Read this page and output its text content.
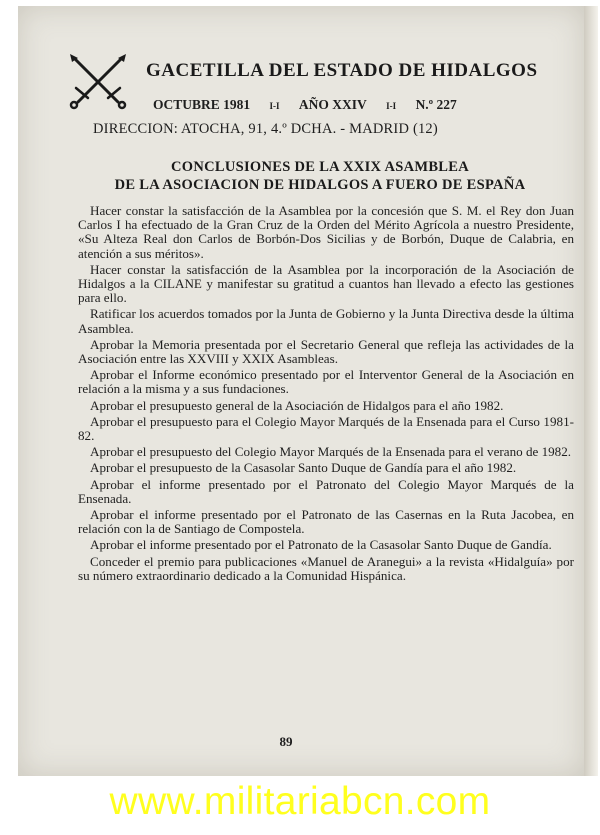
GACETILLA DEL ESTADO DE HIDALGOS
OCTUBRE 1981 I-I AÑO XXIV I-I N.º 227
DIRECCION: ATOCHA, 91, 4.º DCHA. - MADRID (12)
CONCLUSIONES DE LA XXIX ASAMBLEA
DE LA ASOCIACION DE HIDALGOS A FUERO DE ESPAÑA

Hacer constar la satisfacción de la Asamblea por la concesión que S. M. el Rey don Juan Carlos I ha efectuado de la Gran Cruz de la Orden del Mérito Agrícola a nuestro Presidente, «Su Alteza Real don Carlos de Borbón-Dos Sicilias y de Borbón, Duque de Calabria, en atención a sus méritos».

Hacer constar la satisfacción de la Asamblea por la incorporación de la Asociación de Hidalgos a la CILANE y manifestar su gratitud a cuantos han llevado a efecto las gestiones para ello.

Ratificar los acuerdos tomados por la Junta de Gobierno y la Junta Directiva desde la última Asamblea.

Aprobar la Memoria presentada por el Secretario General que refleja las actividades de la Asociación entre las XXVIII y XXIX Asambleas.

Aprobar el Informe económico presentado por el Interventor General de la Asociación en relación a la misma y a sus fundaciones.

Aprobar el presupuesto general de la Asociación de Hidalgos para el año 1982.

Aprobar el presupuesto para el Colegio Mayor Marqués de la Ensenada para el Curso 1981-82.

Aprobar el presupuesto del Colegio Mayor Marqués de la Ensenada para el verano de 1982.

Aprobar el presupuesto de la Casasolar Santo Duque de Gandía para el año 1982.

Aprobar el informe presentado por el Patronato del Colegio Mayor Marqués de la Ensenada.

Aprobar el informe presentado por el Patronato de las Casernas en la Ruta Jacobea, en relación con la de Santiago de Compostela.

Aprobar el informe presentado por el Patronato de la Casasolar Santo Duque de Gandía.

Conceder el premio para publicaciones «Manuel de Aranegui» a la revista «Hidalguía» por su número extraordinario dedicado a la Comunidad Hispánica.

89
www.militariabcn.com
